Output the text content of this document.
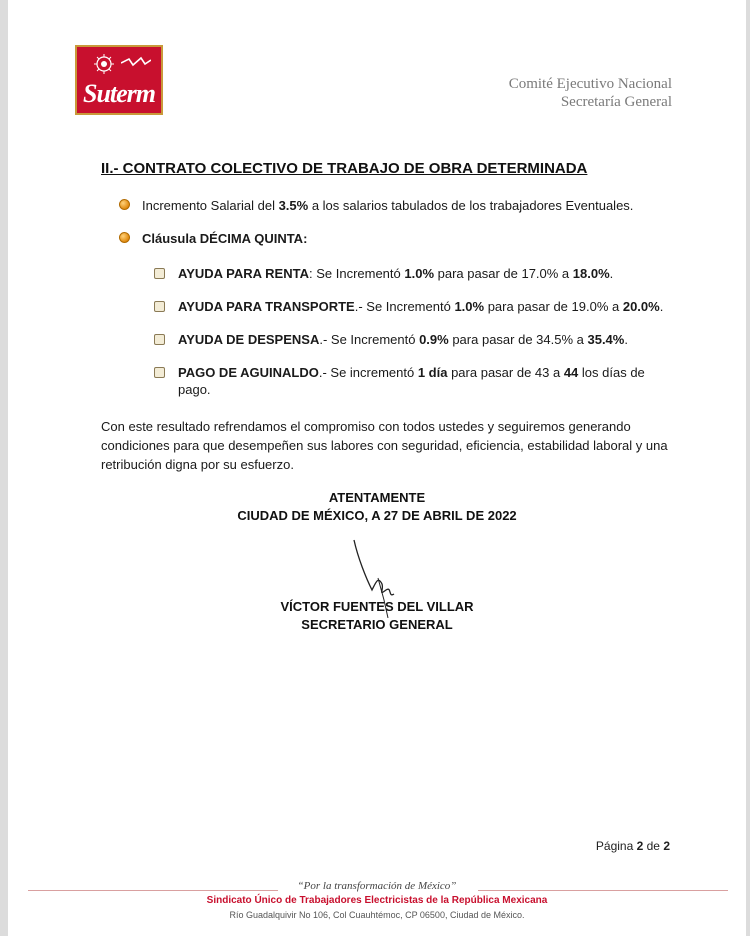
Suterm	Comité Ejecutivo Nacional
Secretaría General
II.- CONTRATO COLECTIVO DE TRABAJO DE OBRA DETERMINADA
Incremento Salarial del 3.5% a los salarios tabulados de los trabajadores Eventuales.
Cláusula DÉCIMA QUINTA:
AYUDA PARA RENTA: Se Incrementó 1.0% para pasar de 17.0% a 18.0%.
AYUDA PARA TRANSPORTE.- Se Incrementó 1.0% para pasar de 19.0% a 20.0%.
AYUDA DE DESPENSA.- Se Incrementó 0.9% para pasar de 34.5% a 35.4%.
PAGO DE AGUINALDO.- Se incrementó 1 día para pasar de 43 a 44 los días de
pago.
Con este resultado refrendamos el compromiso con todos ustedes y seguiremos generando condiciones para que desempeñen sus labores con seguridad, eficiencia, estabilidad laboral y una retribución digna por su esfuerzo.
ATENTAMENTE
CIUDAD DE MÉXICO, A 27 DE ABRIL DE 2022
VÍCTOR FUENTES DEL VILLAR
SECRETARIO GENERAL
Página 2 de 2
“Por la transformación de México”
Sindicato Único de Trabajadores Electricistas de la República Mexicana
Río Guadalquivir No 106, Col Cuauhtémoc, CP 06500, Ciudad de México.
